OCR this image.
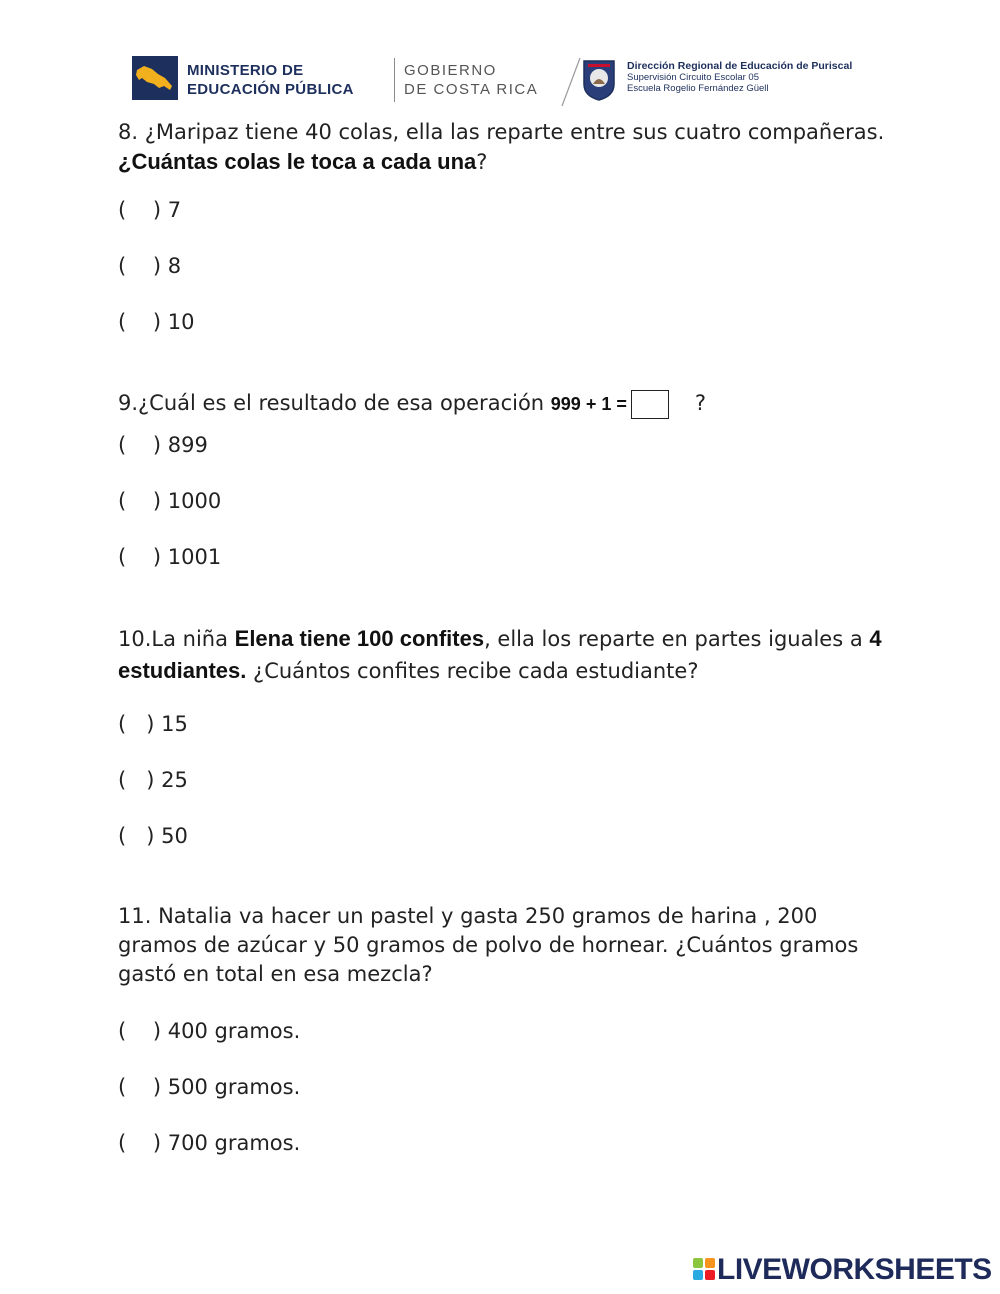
MINISTERIO DE
EDUCACIÓN PÚBLICA
GOBIERNO
DE COSTA RICA
Dirección Regional de Educación de Puriscal
Supervisión Circuito Escolar 05
Escuela Rogelio Fernández Güell
8. ¿Maripaz tiene 40 colas, ella las reparte entre sus cuatro compañeras. ¿Cuántas colas le toca a cada una?
(    ) 7
(    ) 8
(    ) 10
9.¿Cuál es el resultado de esa operación 999 + 1 =	?
(    ) 899
(    ) 1000
(    ) 1001
10.La niña Elena tiene 100 confites, ella los reparte en partes iguales a 4 estudiantes. ¿Cuántos confites recibe cada estudiante?
(   ) 15
(   ) 25
(   ) 50
11. Natalia va hacer un pastel y gasta 250 gramos de harina , 200 gramos de azúcar y 50 gramos de polvo de hornear. ¿Cuántos gramos gastó en total en esa mezcla?
(    ) 400 gramos.
(    ) 500 gramos.
(    ) 700 gramos.
LIVEWORKSHEETS
